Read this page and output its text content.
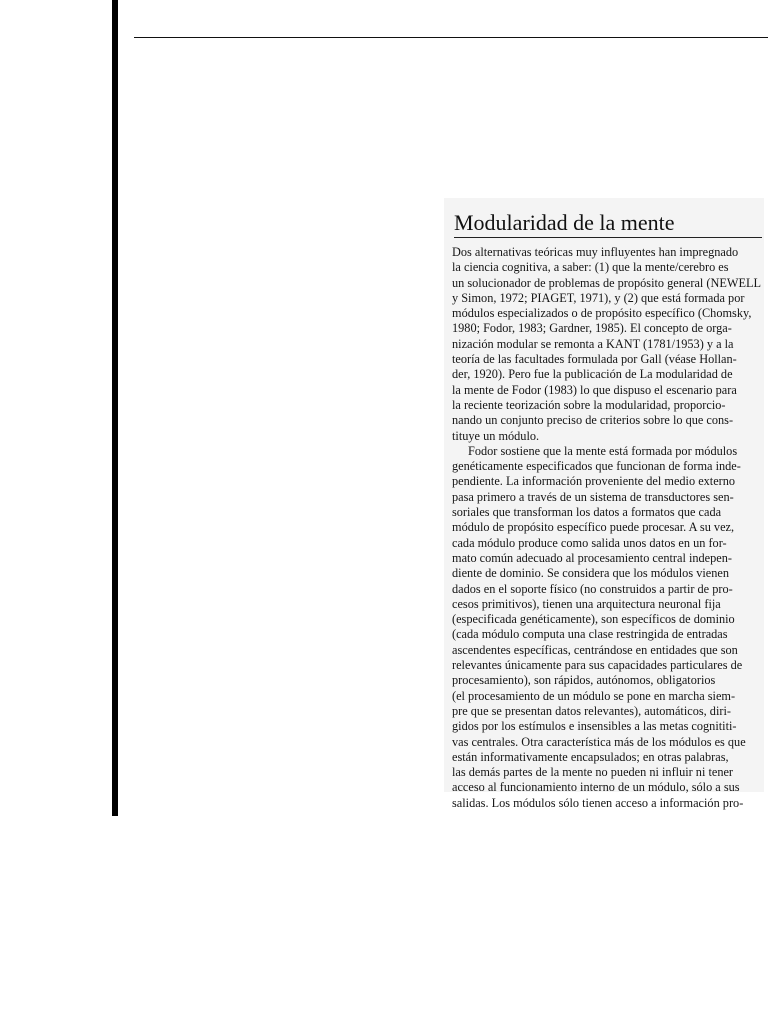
Modularidad de la mente
Dos alternativas teóricas muy influyentes han impregnado
la ciencia cognitiva, a saber: (1) que la mente/cerebro es
un solucionador de problemas de propósito general (NEWELL
y Simon, 1972; PIAGET, 1971), y (2) que está formada por
módulos especializados o de propósito específico (Chomsky,
1980; Fodor, 1983; Gardner, 1985). El concepto de orga-
nización modular se remonta a KANT (1781/1953) y a la
teoría de las facultades formulada por Gall (véase Hollan-
der, 1920). Pero fue la publicación de La modularidad de
la mente de Fodor (1983) lo que dispuso el escenario para
la reciente teorización sobre la modularidad, proporcio-
nando un conjunto preciso de criterios sobre lo que cons-
tituye un módulo.
Fodor sostiene que la mente está formada por módulos
genéticamente especificados que funcionan de forma inde-
pendiente. La información proveniente del medio externo
pasa primero a través de un sistema de transductores sen-
soriales que transforman los datos a formatos que cada
módulo de propósito específico puede procesar. A su vez,
cada módulo produce como salida unos datos en un for-
mato común adecuado al procesamiento central indepen-
diente de dominio. Se considera que los módulos vienen
dados en el soporte físico (no construidos a partir de pro-
cesos primitivos), tienen una arquitectura neuronal fija
(especificada genéticamente), son específicos de dominio
(cada módulo computa una clase restringida de entradas
ascendentes específicas, centrándose en entidades que son
relevantes únicamente para sus capacidades particulares de
procesamiento), son rápidos, autónomos, obligatorios
(el procesamiento de un módulo se pone en marcha siem-
pre que se presentan datos relevantes), automáticos, diri-
gidos por los estímulos e insensibles a las metas cognititi-
vas centrales. Otra característica más de los módulos es que
están informativamente encapsulados; en otras palabras,
las demás partes de la mente no pueden ni influir ni tener
acceso al funcionamiento interno de un módulo, sólo a sus
salidas. Los módulos sólo tienen acceso a información pro-
